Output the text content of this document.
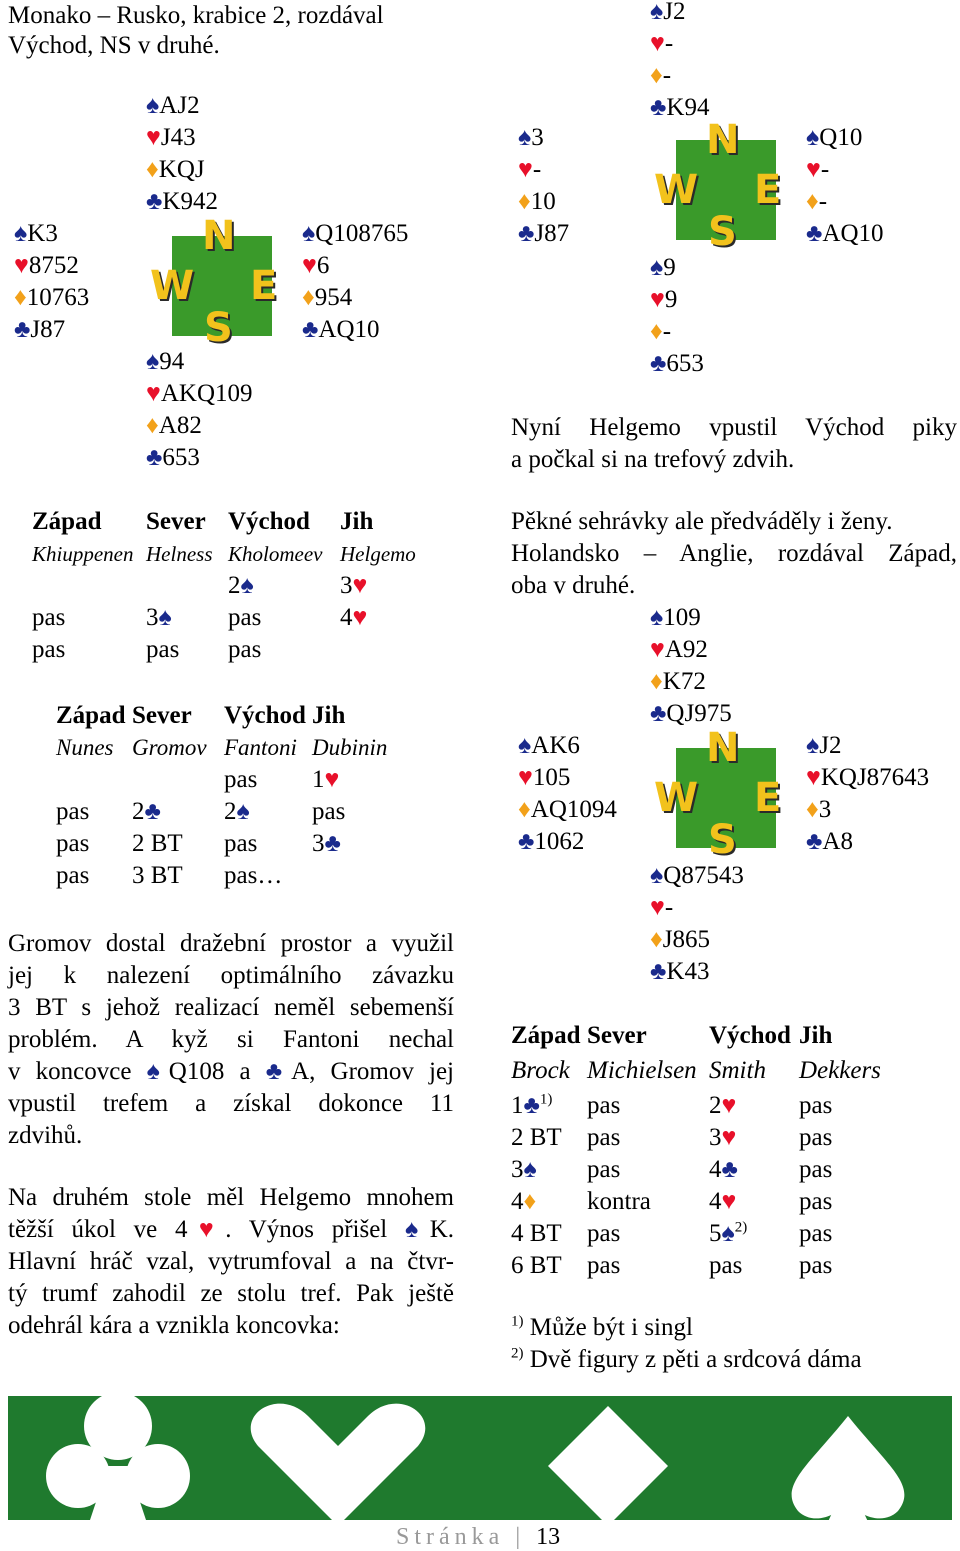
Monako – Rusko, krabice 2, rozdával
Východ, NS v druhé.
♠AJ2
♥J43
♦KQJ
♣K942
♠K3
♥8752
♦10763
♣J87
♠Q108765
♥6
♦954
♣AQ10
♠94
♥AKQ109
♦A82
♣653
N
W E
S
Západ	Sever	Východ	Jih
Khiuppenen	Helness	Kholomeev	Helgemo
		2♠	3♥
pas	3♠	pas	4♥
pas	pas	pas	
Západ	Sever	Východ	Jih
Nunes	Gromov	Fantoni	Dubinin
		pas	1♥
pas	2♣	2♠	pas
pas	2 BT	pas	3♣
pas	3 BT	pas…	
Gromov dostal dražební prostor a využil
jej k nalezení optimálního závazku
3 BT s jehož realizací neměl sebemenší
problém. A kyž si Fantoni nechal
v koncovce ♠Q108 a ♣A, Gromov jej
vpustil trefem a získal dokonce 11
zdvihů.
Na druhém stole měl Helgemo mnohem
těžší úkol ve 4♥. Výnos přišel ♠K.
Hlavní hráč vzal, vytrumfoval a na čtvr-
tý trumf zahodil ze stolu tref. Pak ještě
odehrál kára a vznikla koncovka:
♠J2
♥-
♦-
♣K94
♠3
♥-
♦10
♣J87
♠Q10
♥-
♦-
♣AQ10
♠9
♥9
♦-
♣653
N
W E
S
Nyní Helgemo vpustil Východ piky
a počkal si na trefový zdvih.
Pěkné sehrávky ale předváděly i ženy.
Holandsko – Anglie, rozdával Západ,
oba v druhé.
♠109
♥A92
♦K72
♣QJ975
♠AK6
♥105
♦AQ1094
♣1062
♠J2
♥KQJ87643
♦3
♣A8
♠Q87543
♥-
♦J865
♣K43
N
W E
S
Západ	Sever	Východ	Jih
Brock	Michielsen	Smith	Dekkers
1♣$^{1)}$	pas	2♥	pas
2 BT	pas	3♥	pas
3♠	pas	4♣	pas
4♦	kontra	4♥	pas
4 BT	pas	5♠$^{2)}$	pas
6 BT	pas	pas	pas
$^{1)}$ Může být i singl
$^{2)}$ Dvě figury z pěti a srdcová dáma
Stránka | 13
